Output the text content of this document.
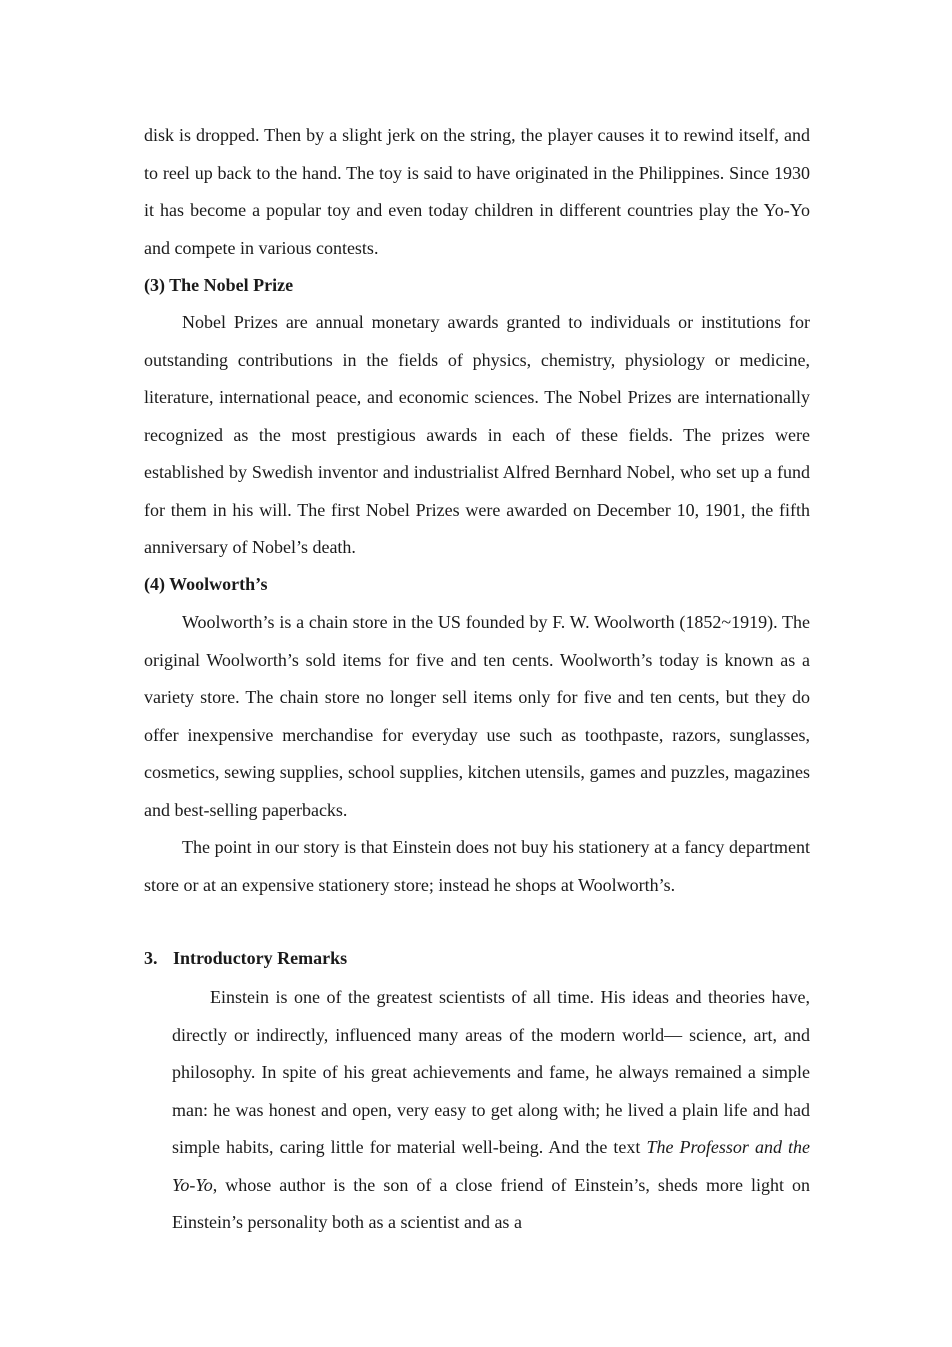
disk is dropped. Then by a slight jerk on the string, the player causes it to rewind itself, and to reel up back to the hand. The toy is said to have originated in the Philippines. Since 1930 it has become a popular toy and even today children in different countries play the Yo-Yo and compete in various contests.

(3) The Nobel Prize

Nobel Prizes are annual monetary awards granted to individuals or institutions for outstanding contributions in the fields of physics, chemistry, physiology or medicine, literature, international peace, and economic sciences. The Nobel Prizes are internationally recognized as the most prestigious awards in each of these fields. The prizes were established by Swedish inventor and industrialist Alfred Bernhard Nobel, who set up a fund for them in his will. The first Nobel Prizes were awarded on December 10, 1901, the fifth anniversary of Nobel’s death.

(4) Woolworth’s

Woolworth’s is a chain store in the US founded by F. W. Woolworth (1852~1919). The original Woolworth’s sold items for five and ten cents. Woolworth’s today is known as a variety store. The chain store no longer sell items only for five and ten cents, but they do offer inexpensive merchandise for everyday use such as toothpaste, razors, sunglasses, cosmetics, sewing supplies, school supplies, kitchen utensils, games and puzzles, magazines and best-selling paperbacks.

The point in our story is that Einstein does not buy his stationery at a fancy department store or at an expensive stationery store; instead he shops at Woolworth’s.

3. Introductory Remarks

Einstein is one of the greatest scientists of all time. His ideas and theories have, directly or indirectly, influenced many areas of the modern world— science, art, and philosophy. In spite of his great achievements and fame, he always remained a simple man: he was honest and open, very easy to get along with; he lived a plain life and had simple habits, caring little for material well-being. And the text The Professor and the Yo-Yo, whose author is the son of a close friend of Einstein’s, sheds more light on Einstein’s personality both as a scientist and as a
